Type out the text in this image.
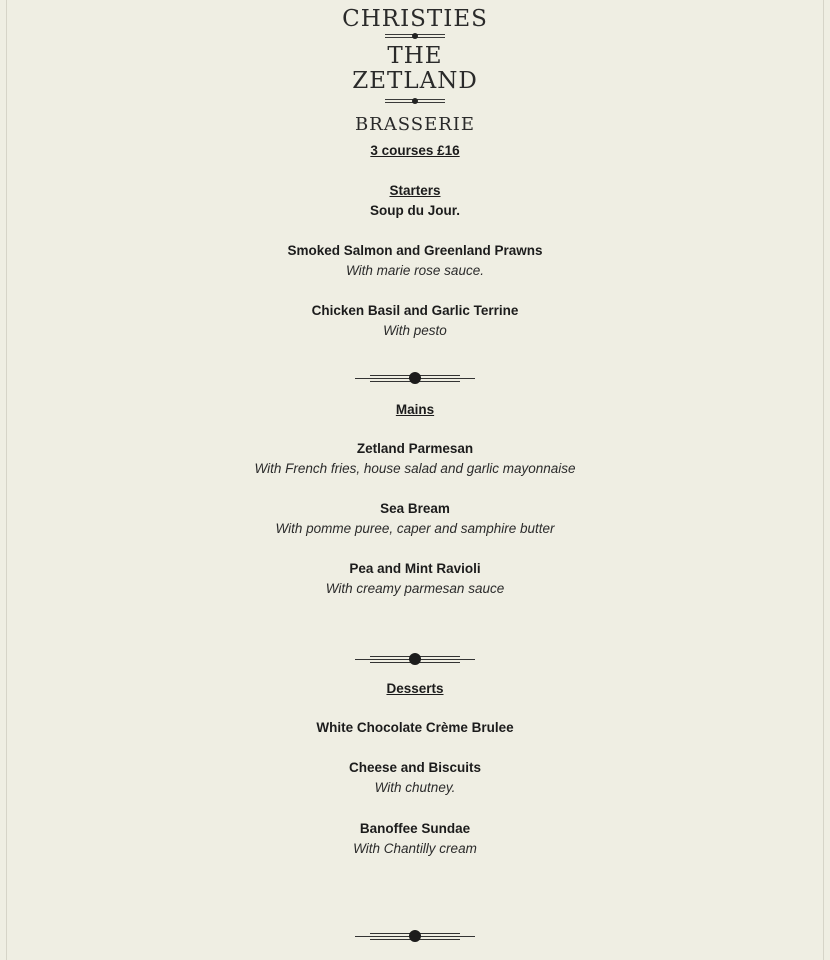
CHRISTIES
THE
ZETLAND
BRASSERIE
3 courses £16
Starters
Soup du Jour.
Smoked Salmon and Greenland Prawns
With marie rose sauce.
Chicken Basil and Garlic Terrine
With pesto
Mains
Zetland Parmesan
With French fries, house salad and garlic mayonnaise
Sea Bream
With pomme puree, caper and samphire butter
Pea and Mint Ravioli
With creamy parmesan sauce
Desserts
White Chocolate Crème Brulee
Cheese and Biscuits
With chutney.
Banoffee Sundae
With Chantilly cream
